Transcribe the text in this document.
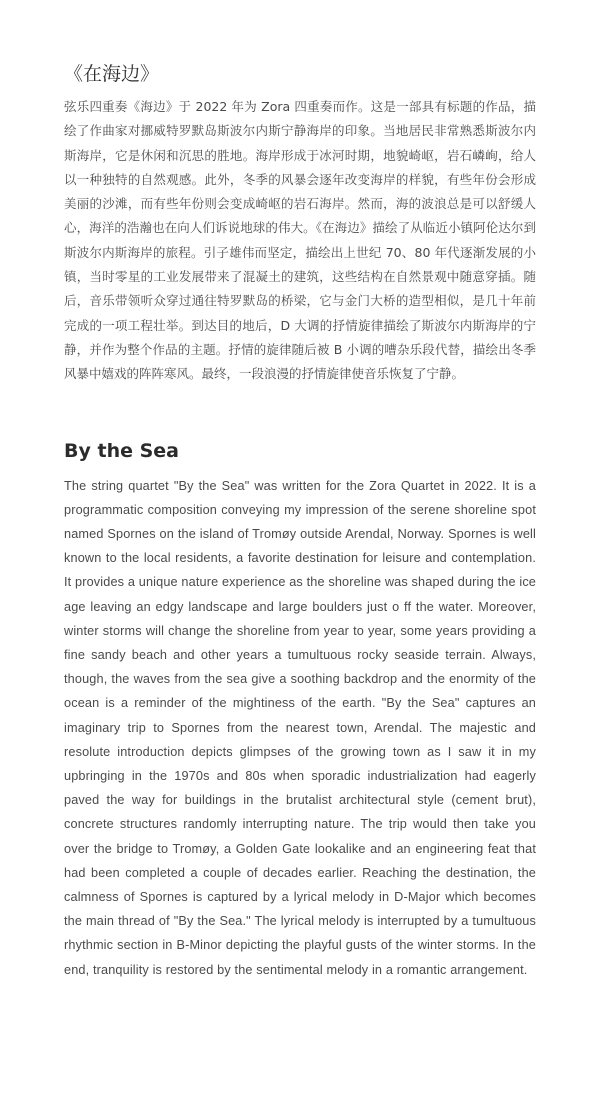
《在海边》

弦乐四重奏《海边》于 2022 年为 Zora 四重奏而作。这是一部具有标题的作品，描绘了作曲家对挪威特罗默岛斯波尔内斯宁静海岸的印象。当地居民非常熟悉斯波尔内斯海岸，它是休闲和沉思的胜地。海岸形成于冰河时期，地貌崎岖，岩石嶙峋，给人以一种独特的自然观感。此外，冬季的风暴会逐年改变海岸的样貌，有些年份会形成美丽的沙滩，而有些年份则会变成崎岖的岩石海岸。然而，海的波浪总是可以舒缓人心，海洋的浩瀚也在向人们诉说地球的伟大。《在海边》描绘了从临近小镇阿伦达尔到斯波尔内斯海岸的旅程。引子雄伟而坚定，描绘出上世纪 70、80 年代逐渐发展的小镇，当时零星的工业发展带来了混凝土的建筑，这些结构在自然景观中随意穿插。随后，音乐带领听众穿过通往特罗默岛的桥梁，它与金门大桥的造型相似，是几十年前完成的一项工程壮举。到达目的地后，D 大调的抒情旋律描绘了斯波尔内斯海岸的宁静，并作为整个作品的主题。抒情的旋律随后被 B 小调的嘈杂乐段代替，描绘出冬季风暴中嬉戏的阵阵寒风。最终，一段浪漫的抒情旋律使音乐恢复了宁静。

By the Sea

The string quartet "By the Sea" was written for the Zora Quartet in 2022. It is a programmatic composition conveying my impression of the serene shoreline spot named Spornes on the island of Tromøy outside Arendal, Norway. Spornes is well known to the local residents, a favorite destination for leisure and contemplation. It provides a unique nature experience as the shoreline was shaped during the ice age leaving an edgy landscape and large boulders just o ff the water. Moreover, winter storms will change the shoreline from year to year, some years providing a fine sandy beach and other years a tumultuous rocky seaside terrain. Always, though, the waves from the sea give a soothing backdrop and the enormity of the ocean is a reminder of the mightiness of the earth. "By the Sea" captures an imaginary trip to Spornes from the nearest town, Arendal. The majestic and resolute introduction depicts glimpses of the growing town as I saw it in my upbringing in the 1970s and 80s when sporadic industrialization had eagerly paved the way for buildings in the brutalist architectural style (cement brut), concrete structures randomly interrupting nature. The trip would then take you over the bridge to Tromøy, a Golden Gate lookalike and an engineering feat that had been completed a couple of decades earlier. Reaching the destination, the calmness of Spornes is captured by a lyrical melody in D-Major which becomes the main thread of "By the Sea." The lyrical melody is interrupted by a tumultuous rhythmic section in B-Minor depicting the playful gusts of the winter storms. In the end, tranquility is restored by the sentimental melody in a romantic arrangement.
